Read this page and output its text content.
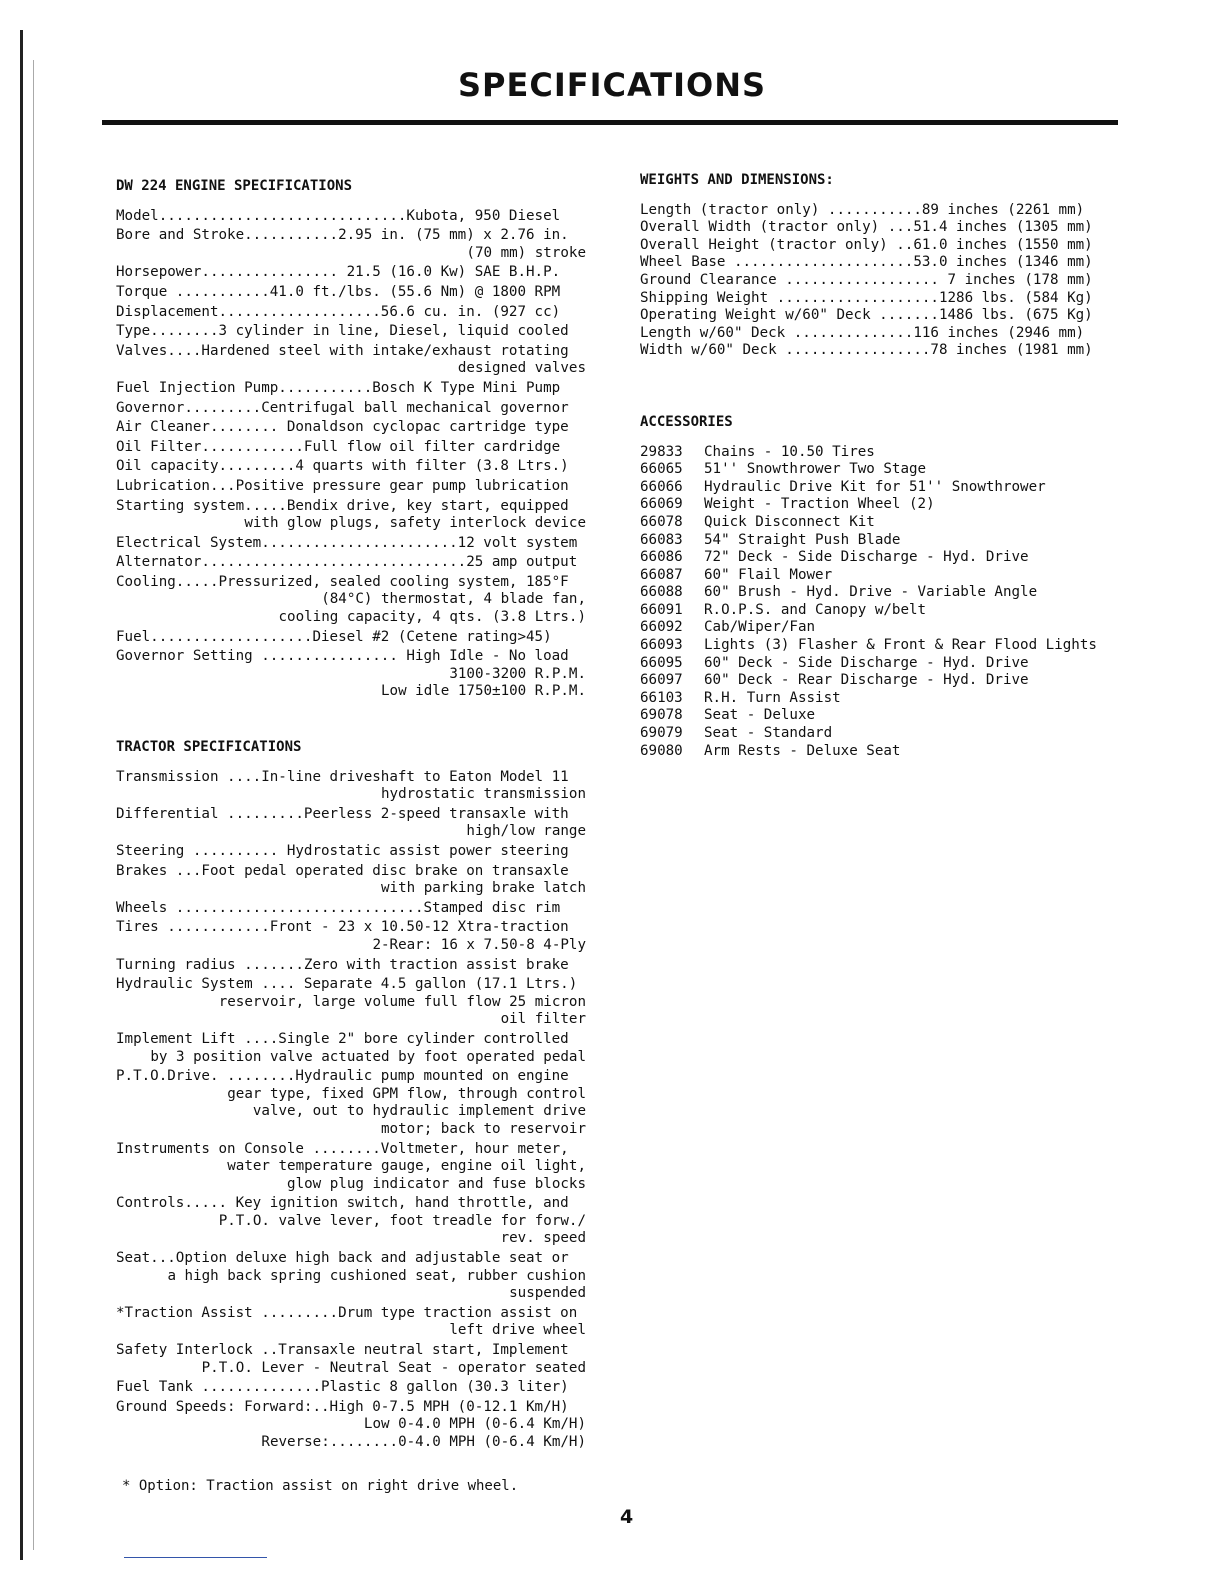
SPECIFICATIONS
DW 224 ENGINE SPECIFICATIONS
Model.............................Kubota, 950 Diesel
Bore and Stroke...........2.95 in. (75 mm) x 2.76 in.
(70 mm) stroke
Horsepower................ 21.5 (16.0 Kw) SAE B.H.P.
Torque ...........41.0 ft./lbs. (55.6 Nm) @ 1800 RPM
Displacement...................56.6 cu. in. (927 cc)
Type........3 cylinder in line, Diesel, liquid cooled
Valves....Hardened steel with intake/exhaust rotating
designed valves
Fuel Injection Pump...........Bosch K Type Mini Pump
Governor.........Centrifugal ball mechanical governor
Air Cleaner........ Donaldson cyclopac cartridge type
Oil Filter............Full flow oil filter cardridge
Oil capacity.........4 quarts with filter (3.8 Ltrs.)
Lubrication...Positive pressure gear pump lubrication
Starting system.....Bendix drive, key start, equipped
with glow plugs, safety interlock device
Electrical System.......................12 volt system
Alternator...............................25 amp output
Cooling.....Pressurized, sealed cooling system, 185°F
(84°C) thermostat, 4 blade fan,
cooling capacity, 4 qts. (3.8 Ltrs.)
Fuel...................Diesel #2 (Cetene rating>45)
Governor Setting ................ High Idle - No load
3100-3200 R.P.M.
Low idle 1750±100 R.P.M.
TRACTOR SPECIFICATIONS
Transmission ....In-line driveshaft to Eaton Model 11
hydrostatic transmission
Differential .........Peerless 2-speed transaxle with
high/low range
Steering .......... Hydrostatic assist power steering
Brakes ...Foot pedal operated disc brake on transaxle
with parking brake latch
Wheels .............................Stamped disc rim
Tires ............Front - 23 x 10.50-12 Xtra-traction
2-Rear: 16 x 7.50-8 4-Ply
Turning radius .......Zero with traction assist brake
Hydraulic System .... Separate 4.5 gallon (17.1 Ltrs.)
reservoir, large volume full flow 25 micron
oil filter
Implement Lift ....Single 2" bore cylinder controlled
by 3 position valve actuated by foot operated pedal
P.T.O.Drive. ........Hydraulic pump mounted on engine
gear type, fixed GPM flow, through control
valve, out to hydraulic implement drive
motor; back to reservoir
Instruments on Console ........Voltmeter, hour meter,
water temperature gauge, engine oil light,
glow plug indicator and fuse blocks
Controls..... Key ignition switch, hand throttle, and
P.T.O. valve lever, foot treadle for forw./
rev. speed
Seat...Option deluxe high back and adjustable seat or
a high back spring cushioned seat, rubber cushion
suspended
*Traction Assist .........Drum type traction assist on
left drive wheel
Safety Interlock ..Transaxle neutral start, Implement
P.T.O. Lever - Neutral Seat - operator seated
Fuel Tank ..............Plastic 8 gallon (30.3 liter)
Ground Speeds: Forward:..High 0-7.5 MPH (0-12.1 Km/H)
Low 0-4.0 MPH (0-6.4 Km/H)
Reverse:........0-4.0 MPH (0-6.4 Km/H)
WEIGHTS AND DIMENSIONS:
Length (tractor only) ...........89 inches (2261 mm)
Overall Width (tractor only) ...51.4 inches (1305 mm)
Overall Height (tractor only) ..61.0 inches (1550 mm)
Wheel Base .....................53.0 inches (1346 mm)
Ground Clearance .................. 7 inches (178 mm)
Shipping Weight ...................1286 lbs. (584 Kg)
Operating Weight w/60" Deck .......1486 lbs. (675 Kg)
Length w/60" Deck ..............116 inches (2946 mm)
Width w/60" Deck .................78 inches (1981 mm)
ACCESSORIES
29833	Chains - 10.50 Tires
66065	51'' Snowthrower Two Stage
66066	Hydraulic Drive Kit for 51'' Snowthrower
66069	Weight - Traction Wheel (2)
66078	Quick Disconnect Kit
66083	54" Straight Push Blade
66086	72" Deck - Side Discharge - Hyd. Drive
66087	60" Flail Mower
66088	60" Brush - Hyd. Drive - Variable Angle
66091	R.O.P.S. and Canopy w/belt
66092	Cab/Wiper/Fan
66093	Lights (3) Flasher & Front & Rear Flood Lights
66095	60" Deck - Side Discharge - Hyd. Drive
66097	60" Deck - Rear Discharge - Hyd. Drive
66103	R.H. Turn Assist
69078	Seat - Deluxe
69079	Seat - Standard
69080	Arm Rests - Deluxe Seat
* Option: Traction assist on right drive wheel.
4
